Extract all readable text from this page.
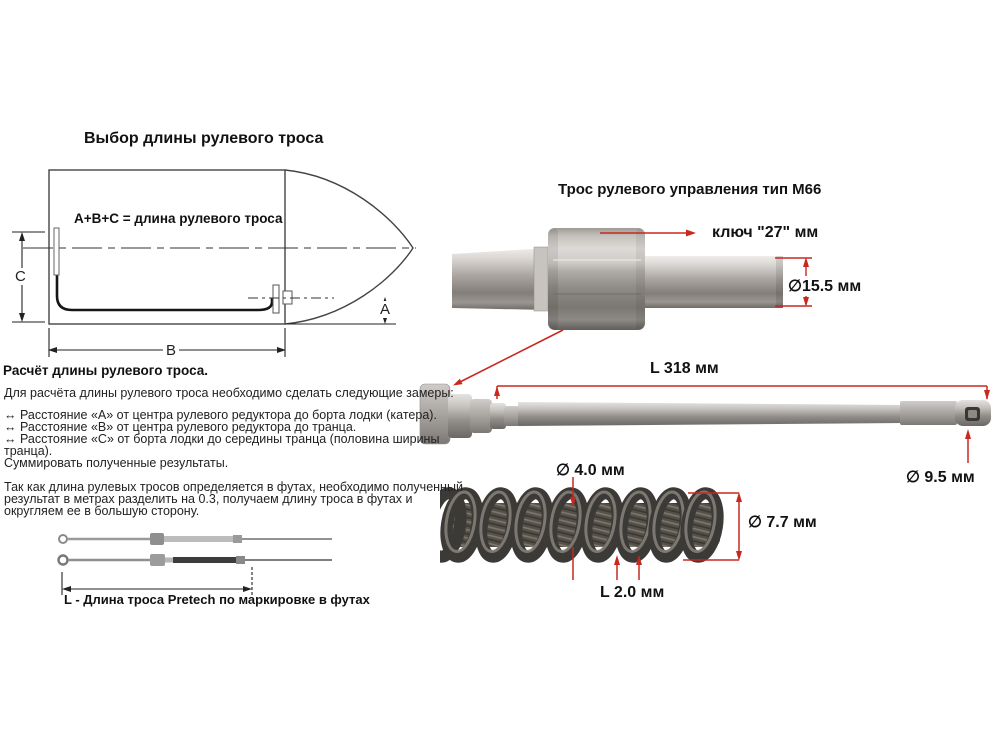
Выбор длины рулевого троса
А+В+С = длина рулевого троса
C
A
B
Расчёт длины рулевого троса.
Для расчёта длины рулевого троса необходимо сделать следующие замеры:
↔ Расстояние «А» от центра рулевого редуктора до борта лодки (катера).
↔ Расстояние «В» от центра рулевого редуктора до транца.
↔ Расстояние «С» от борта лодки до середины транца (половина ширины
транца).
Суммировать полученные результаты.
Так как длина рулевых тросов определяется в футах, необходимо полученный
результат в метрах разделить на 0.3, получаем длину троса в футах и
округляем ее в большую сторону.
L - Длина троса Pretech по маркировке в футах
Трос рулевого управления тип М66
ключ "27" мм
∅15.5 мм
L 318 мм
∅ 9.5 мм
∅ 4.0 мм
∅ 7.7 мм
L 2.0 мм
